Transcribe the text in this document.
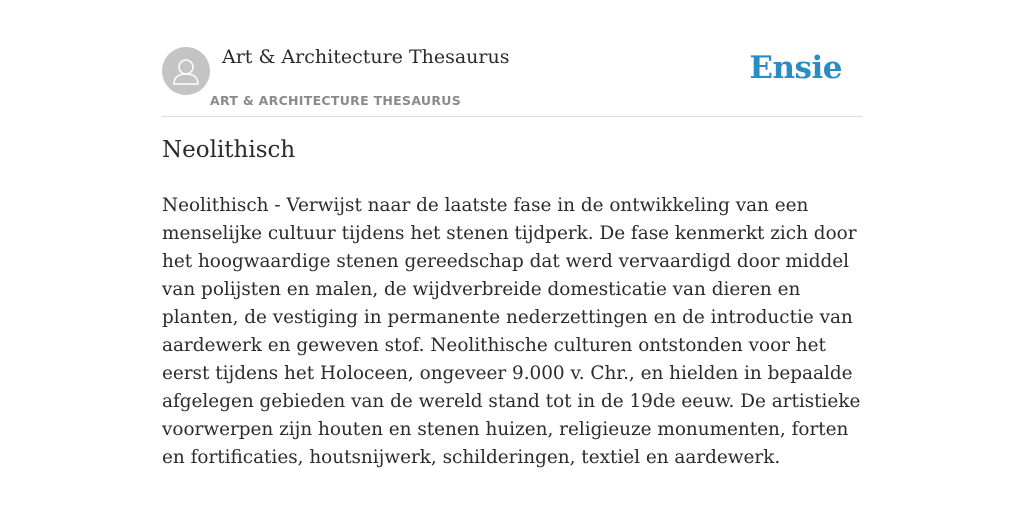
Art & Architecture Thesaurus
ART & ARCHITECTURE THESAURUS
Ensie
Neolithisch

Neolithisch - Verwijst naar de laatste fase in de ontwikkeling van een menselijke cultuur tijdens het stenen tijdperk. De fase kenmerkt zich door het hoogwaardige stenen gereedschap dat werd vervaardigd door middel van polijsten en malen, de wijdverbreide domesticatie van dieren en planten, de vestiging in permanente nederzettingen en de introductie van aardewerk en geweven stof. Neolithische culturen ontstonden voor het eerst tijdens het Holoceen, ongeveer 9.000 v. Chr., en hielden in bepaalde afgelegen gebieden van de wereld stand tot in de 19de eeuw. De artistieke voorwerpen zijn houten en stenen huizen, religieuze monumenten, forten en fortificaties, houtsnijwerk, schilderingen, textiel en aardewerk.
